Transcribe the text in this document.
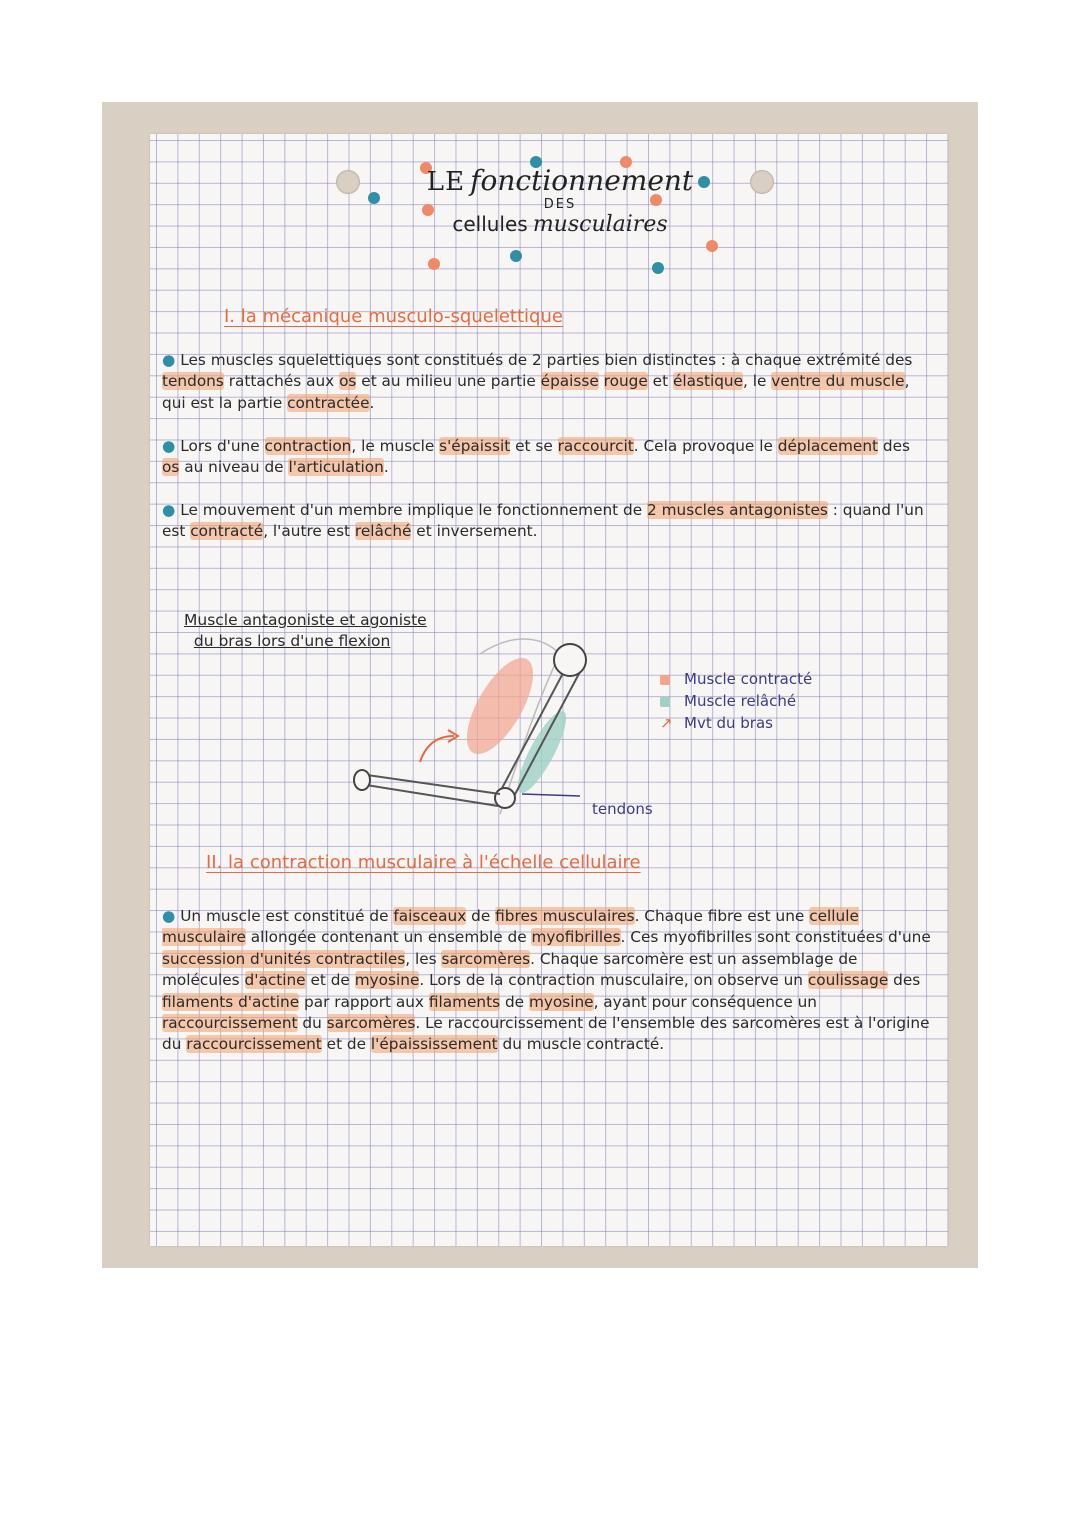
LE fonctionnement
DES
cellules musculaires
I. la mécanique musculo-squelettique
● Les muscles squelettiques sont constitués de 2 parties bien distinctes : à chaque extrémité des tendons rattachés aux os et au milieu une partie épaisse rouge et élastique, le ventre du muscle, qui est la partie contractée.
● Lors d'une contraction, le muscle s'épaissit et se raccourcit. Cela provoque le déplacement des os au niveau de l'articulation.
● Le mouvement d'un membre implique le fonctionnement de 2 muscles antagonistes : quand l'un est contracté, l'autre est relâché et inversement.
Muscle antagoniste et agoniste
du bras lors d'une flexion
Muscle contracté
Muscle relâché
↗ Mvt du bras
tendons
II. la contraction musculaire à l'échelle cellulaire
● Un muscle est constitué de faisceaux de fibres musculaires. Chaque fibre est une cellule musculaire allongée contenant un ensemble de myofibrilles. Ces myofibrilles sont constituées d'une succession d'unités contractiles, les sarcomères. Chaque sarcomère est un assemblage de molécules d'actine et de myosine. Lors de la contraction musculaire, on observe un coulissage des filaments d'actine par rapport aux filaments de myosine, ayant pour conséquence un raccourcissement du sarcomères. Le raccourcissement de l'ensemble des sarcomères est à l'origine du raccourcissement et de l'épaississement du muscle contracté.
